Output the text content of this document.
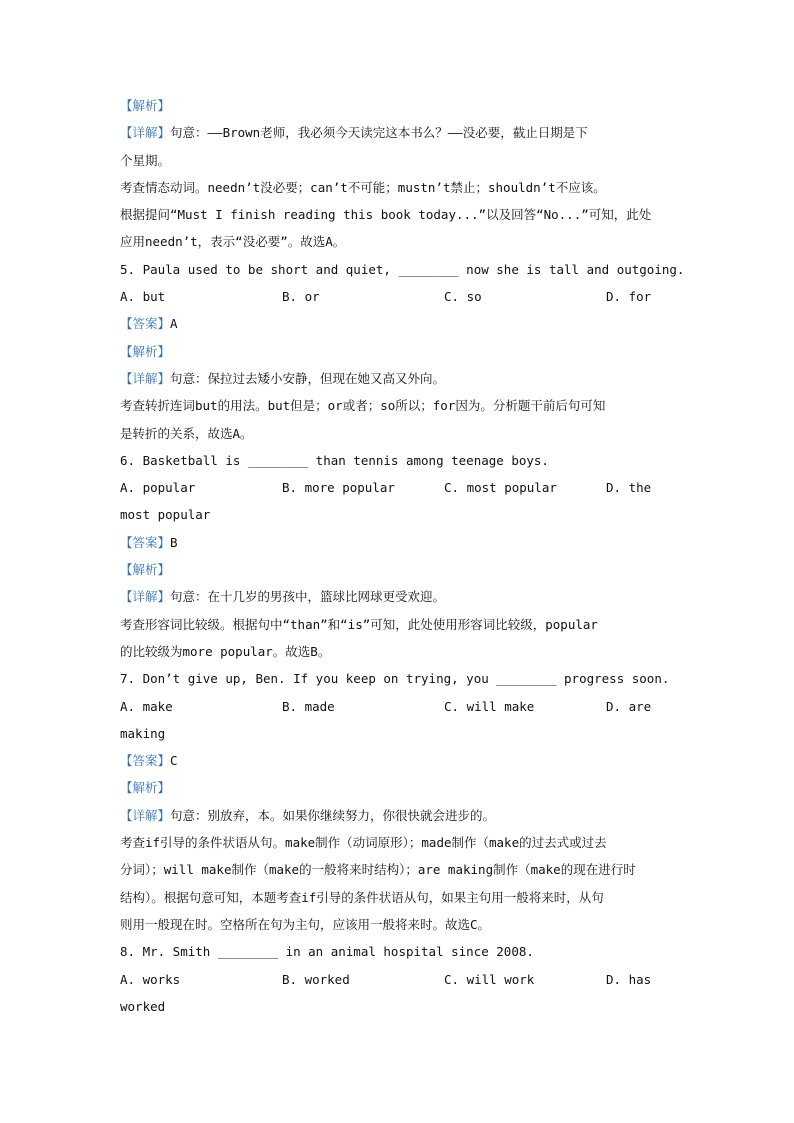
【解析】
【详解】句意：——Brown老师，我必须今天读完这本书么？——没必要，截止日期是下
个星期。
考查情态动词。needn’t没必要；can’t不可能；mustn’t禁止；shouldn’t不应该。
根据提问“Must I finish reading this book today...”以及回答“No...”可知，此处
应用needn’t，表示“没必要”。故选A。
5. Paula used to be short and quiet, ________ now she is tall and outgoing.
A. but	B. or	C. so	D. for
【答案】A
【解析】
【详解】句意：保拉过去矮小安静，但现在她又高又外向。
考查转折连词but的用法。but但是；or或者；so所以；for因为。分析题干前后句可知
是转折的关系，故选A。
6. Basketball is ________ than tennis among teenage boys.
A. popular	B. more popular	C. most popular	D. the
most popular
【答案】B
【解析】
【详解】句意：在十几岁的男孩中，篮球比网球更受欢迎。
考查形容词比较级。根据句中“than”和“is”可知，此处使用形容词比较级，popular
的比较级为more popular。故选B。
7. Don’t give up, Ben. If you keep on trying, you ________ progress soon.
A. make	B. made	C. will make	D. are
making
【答案】C
【解析】
【详解】句意：别放弃，本。如果你继续努力，你很快就会进步的。
考查if引导的条件状语从句。make制作（动词原形）；made制作（make的过去式或过去
分词）；will make制作（make的一般将来时结构）；are making制作（make的现在进行时
结构）。根据句意可知，本题考查if引导的条件状语从句，如果主句用一般将来时，从句
则用一般现在时。空格所在句为主句，应该用一般将来时。故选C。
8. Mr. Smith ________ in an animal hospital since 2008.
A. works	B. worked	C. will work	D. has
worked
